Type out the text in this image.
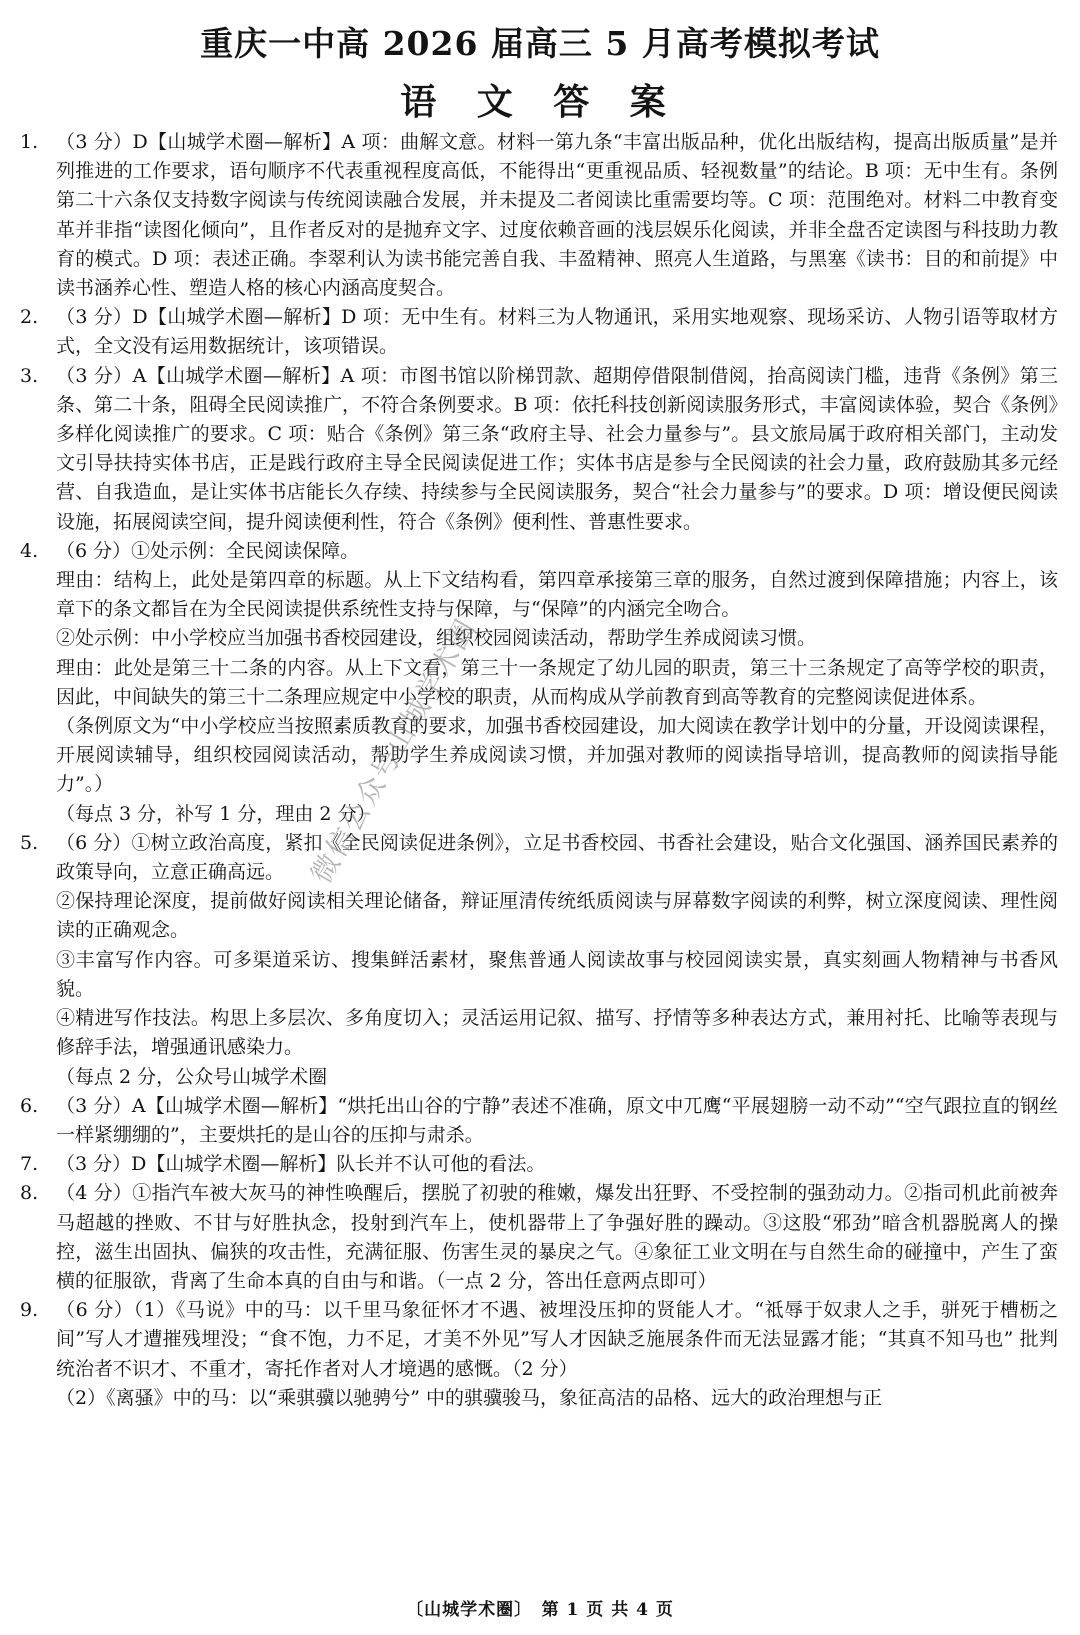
重庆一中高 2026 届高三 5 月高考模拟考试
语 文 答 案
1. （3 分）D【山城学术圈—解析】A 项：曲解文意。材料一第九条“丰富出版品种，优化出版结构，提高出版质量”是并列推进的工作要求，语句顺序不代表重视程度高低，不能得出“更重视品质、轻视数量”的结论。B 项：无中生有。条例第二十六条仅支持数字阅读与传统阅读融合发展，并未提及二者阅读比重需要均等。C 项：范围绝对。材料二中教育变革并非指“读图化倾向”，且作者反对的是抛弃文字、过度依赖音画的浅层娱乐化阅读，并非全盘否定读图与科技助力教育的模式。D 项：表述正确。李翠利认为读书能完善自我、丰盈精神、照亮人生道路，与黑塞《读书：目的和前提》中读书涵养心性、塑造人格的核心内涵高度契合。

2. （3 分）D【山城学术圈—解析】D 项：无中生有。材料三为人物通讯，采用实地观察、现场采访、人物引语等取材方式，全文没有运用数据统计，该项错误。

3. （3 分）A【山城学术圈—解析】A 项：市图书馆以阶梯罚款、超期停借限制借阅，抬高阅读门槛，违背《条例》第三条、第二十条，阻碍全民阅读推广，不符合条例要求。B 项：依托科技创新阅读服务形式，丰富阅读体验，契合《条例》多样化阅读推广的要求。C 项：贴合《条例》第三条“政府主导、社会力量参与”。县文旅局属于政府相关部门，主动发文引导扶持实体书店，正是践行政府主导全民阅读促进工作；实体书店是参与全民阅读的社会力量，政府鼓励其多元经营、自我造血，是让实体书店能长久存续、持续参与全民阅读服务，契合“社会力量参与”的要求。D 项：增设便民阅读设施，拓展阅读空间，提升阅读便利性，符合《条例》便利性、普惠性要求。

4. （6 分）①处示例：全民阅读保障。

理由：结构上，此处是第四章的标题。从上下文结构看，第四章承接第三章的服务，自然过渡到保障措施；内容上，该章下的条文都旨在为全民阅读提供系统性支持与保障，与“保障”的内涵完全吻合。

②处示例：中小学校应当加强书香校园建设，组织校园阅读活动，帮助学生养成阅读习惯。

理由：此处是第三十二条的内容。从上下文看，第三十一条规定了幼儿园的职责，第三十三条规定了高等学校的职责，因此，中间缺失的第三十二条理应规定中小学校的职责，从而构成从学前教育到高等教育的完整阅读促进体系。

（条例原文为“中小学校应当按照素质教育的要求，加强书香校园建设，加大阅读在教学计划中的分量，开设阅读课程，开展阅读辅导，组织校园阅读活动，帮助学生养成阅读习惯，并加强对教师的阅读指导培训，提高教师的阅读指导能力”。）

（每点 3 分，补写 1 分，理由 2 分）

5. （6 分）①树立政治高度，紧扣《全民阅读促进条例》，立足书香校园、书香社会建设，贴合文化强国、涵养国民素养的政策导向，立意正确高远。

②保持理论深度，提前做好阅读相关理论储备，辩证厘清传统纸质阅读与屏幕数字阅读的利弊，树立深度阅读、理性阅读的正确观念。

③丰富写作内容。可多渠道采访、搜集鲜活素材，聚焦普通人阅读故事与校园阅读实景，真实刻画人物精神与书香风貌。

④精进写作技法。构思上多层次、多角度切入；灵活运用记叙、描写、抒情等多种表达方式，兼用衬托、比喻等表现与修辞手法，增强通讯感染力。

（每点 2 分，公众号山城学术圈

6. （3 分）A【山城学术圈—解析】“烘托出山谷的宁静”表述不准确，原文中兀鹰“平展翅膀一动不动”“空气跟拉直的钢丝一样紧绷绷的”，主要烘托的是山谷的压抑与肃杀。

7. （3 分）D【山城学术圈—解析】队长并不认可他的看法。

8. （4 分）①指汽车被大灰马的神性唤醒后，摆脱了初驶的稚嫩，爆发出狂野、不受控制的强劲动力。②指司机此前被奔马超越的挫败、不甘与好胜执念，投射到汽车上，使机器带上了争强好胜的躁动。③这股“邪劲”暗含机器脱离人的操控，滋生出固执、偏狭的攻击性，充满征服、伤害生灵的暴戾之气。④象征工业文明在与自然生命的碰撞中，产生了蛮横的征服欲，背离了生命本真的自由与和谐。（一点 2 分，答出任意两点即可）

9. （6 分）（1）《马说》中的马：以千里马象征怀才不遇、被埋没压抑的贤能人才。“祗辱于奴隶人之手，骈死于槽枥之间”写人才遭摧残埋没；“食不饱，力不足，才美不外见”写人才因缺乏施展条件而无法显露才能；“其真不知马也” 批判统治者不识才、不重才，寄托作者对人才境遇的感慨。（2 分）

（2）《离骚》中的马：以“乘骐骥以驰骋兮” 中的骐骥骏马，象征高洁的品格、远大的政治理想与正

微信公众号山城学术圈
〔山城学术圈〕　第 1 页 共 4 页
